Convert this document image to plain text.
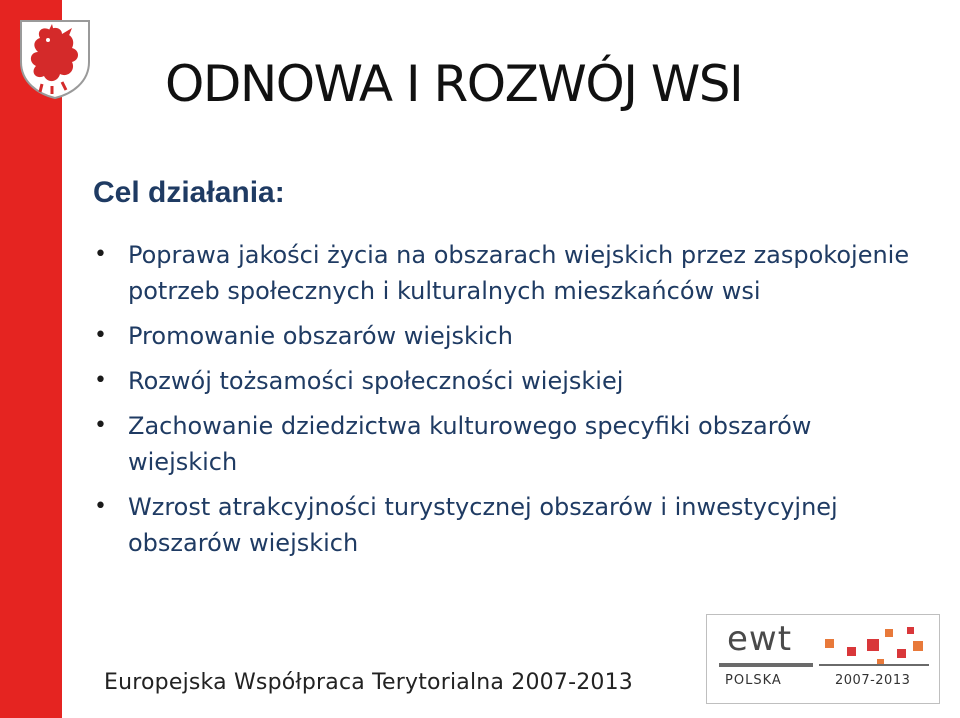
ODNOWA I ROZWÓJ WSI
Cel działania:
• Poprawa jakości życia na obszarach wiejskich przez zaspokojenie potrzeb społecznych i kulturalnych mieszkańców wsi
• Promowanie obszarów wiejskich
• Rozwój tożsamości społeczności wiejskiej
• Zachowanie dziedzictwa kulturowego specyfiki obszarów wiejskich
• Wzrost atrakcyjności turystycznej obszarów i inwestycyjnej obszarów wiejskich
Europejska Współpraca Terytorialna 2007-2013
ewt
POLSKA	2007-2013
